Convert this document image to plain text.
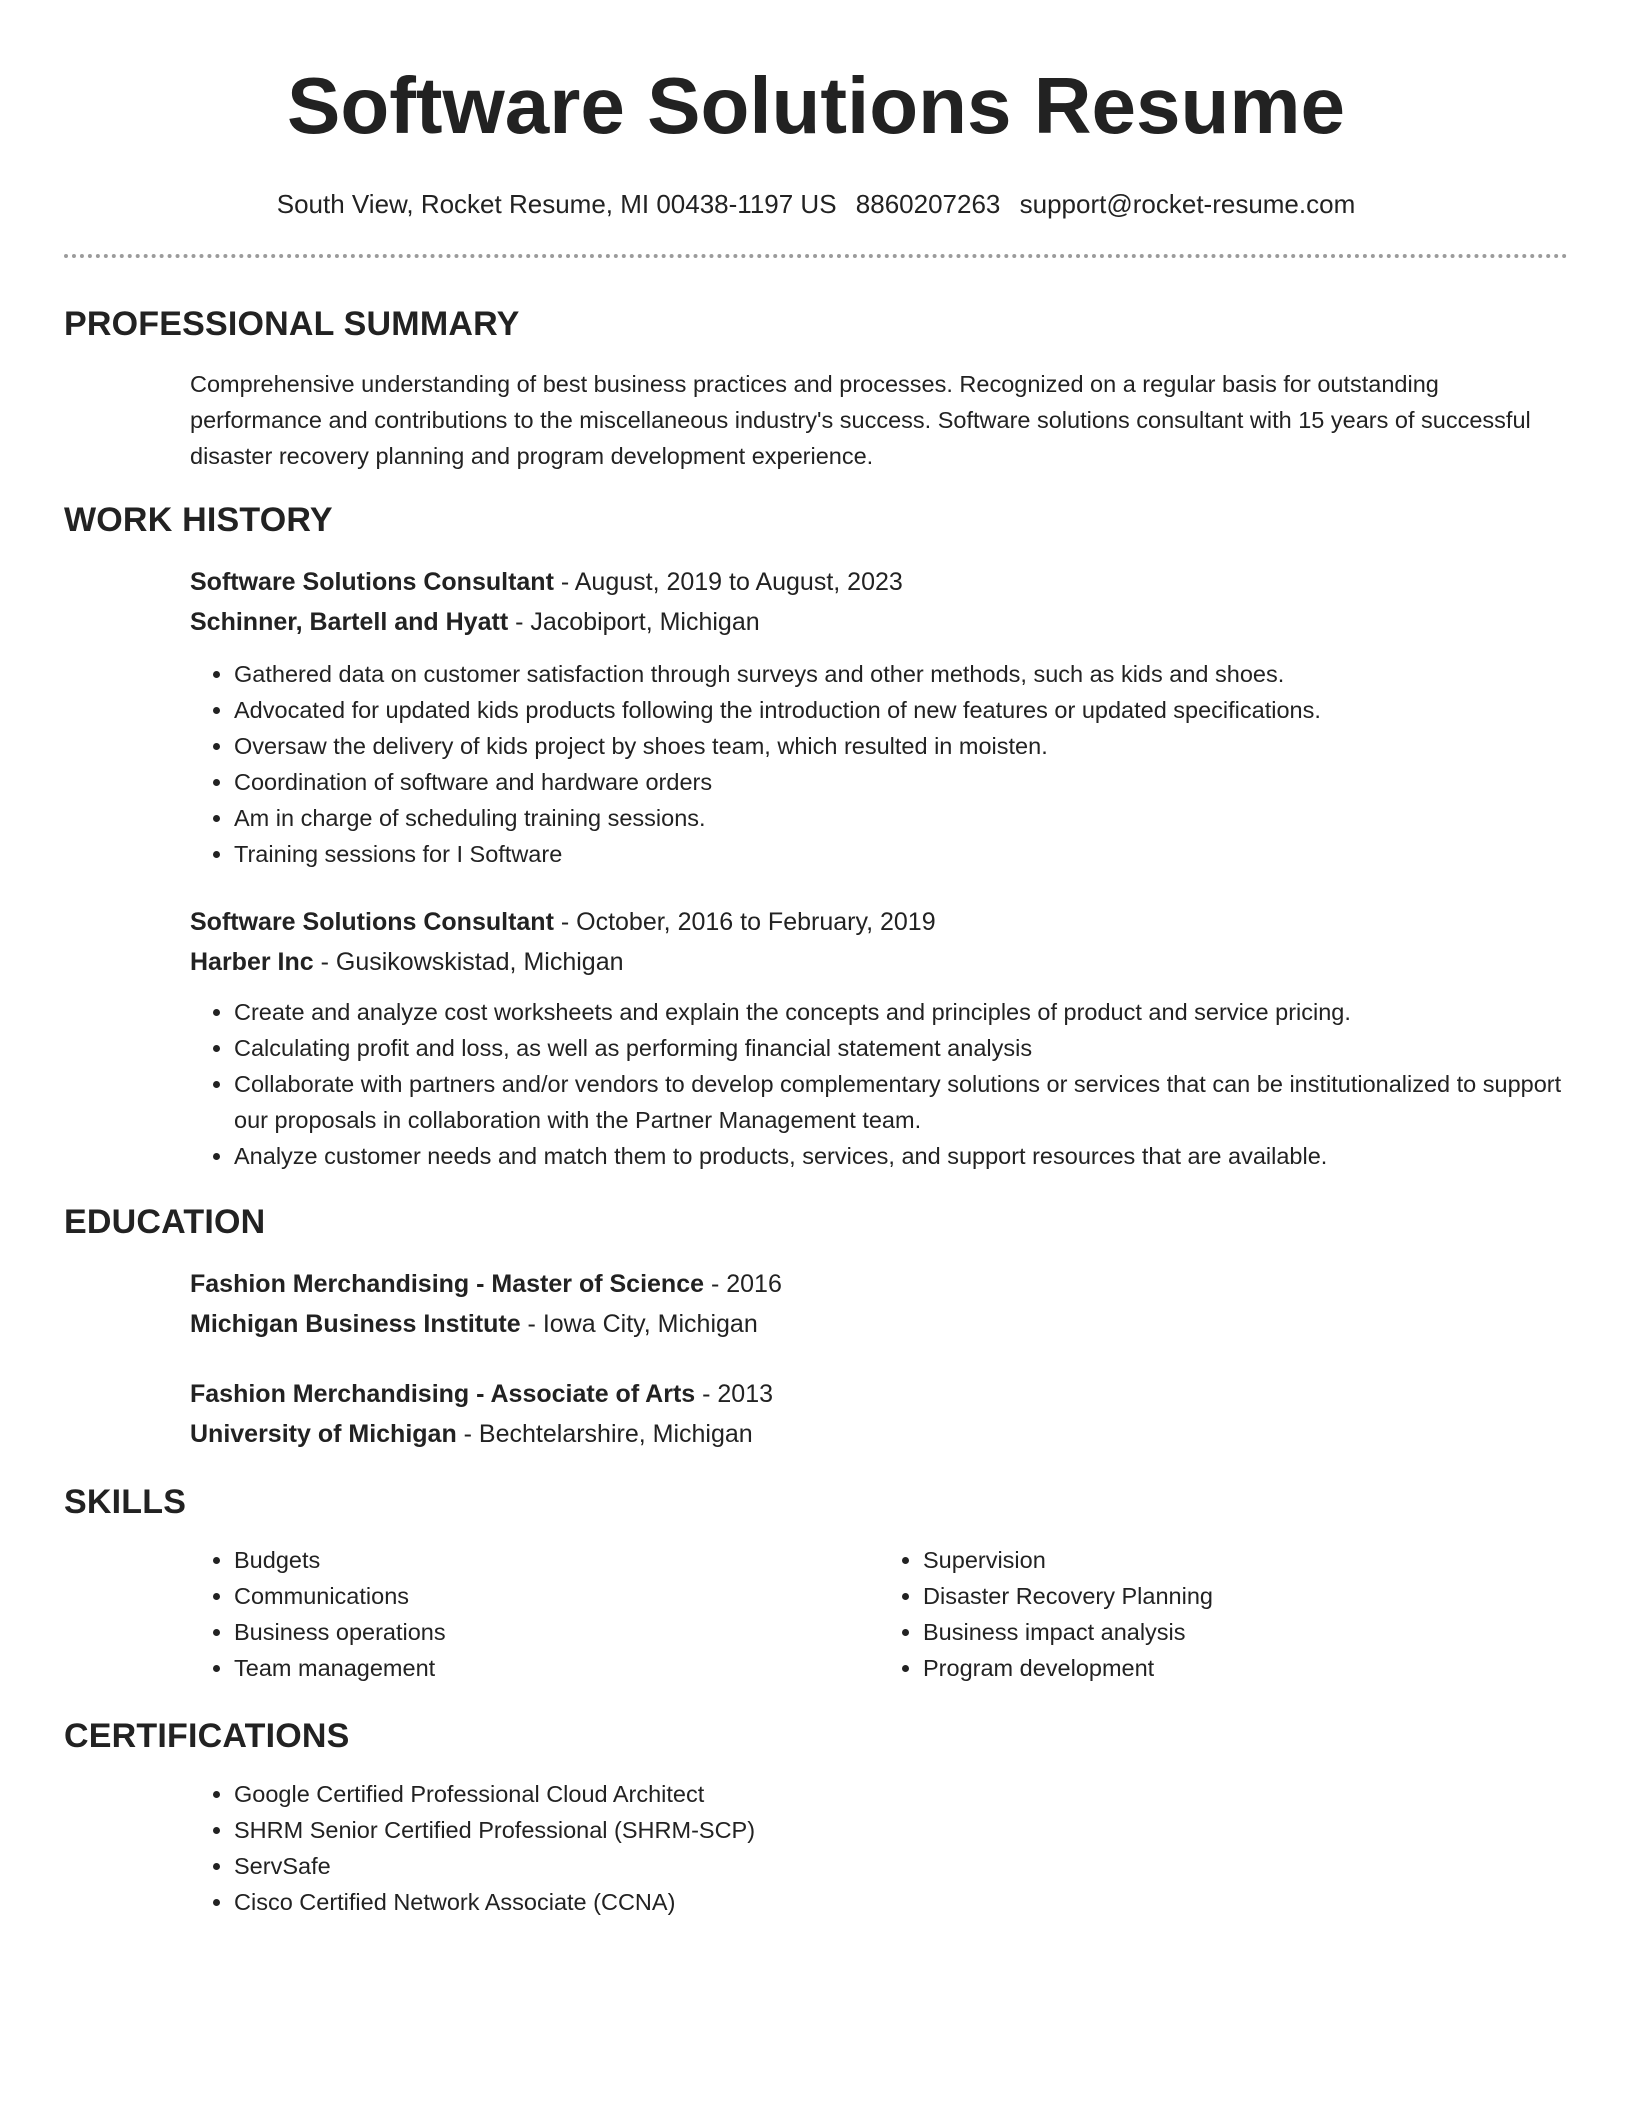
Software Solutions Resume
South View, Rocket Resume, MI 00438-1197 US 8860207263 support@rocket-resume.com
PROFESSIONAL SUMMARY

Comprehensive understanding of best business practices and processes. Recognized on a regular basis for outstanding performance and contributions to the miscellaneous industry's success. Software solutions consultant with 15 years of successful disaster recovery planning and program development experience.

WORK HISTORY

Software Solutions Consultant - August, 2019 to August, 2023

Schinner, Bartell and Hyatt - Jacobiport, Michigan

• Gathered data on customer satisfaction through surveys and other methods, such as kids and shoes.
• Advocated for updated kids products following the introduction of new features or updated specifications.
• Oversaw the delivery of kids project by shoes team, which resulted in moisten.
• Coordination of software and hardware orders
• Am in charge of scheduling training sessions.
• Training sessions for I Software

Software Solutions Consultant - October, 2016 to February, 2019

Harber Inc - Gusikowskistad, Michigan

• Create and analyze cost worksheets and explain the concepts and principles of product and service pricing.
• Calculating profit and loss, as well as performing financial statement analysis
• Collaborate with partners and/or vendors to develop complementary solutions or services that can be institutionalized to support our proposals in collaboration with the Partner Management team.
• Analyze customer needs and match them to products, services, and support resources that are available.
EDUCATION

Fashion Merchandising - Master of Science - 2016

Michigan Business Institute - Iowa City, Michigan

Fashion Merchandising - Associate of Arts - 2013

University of Michigan - Bechtelarshire, Michigan

SKILLS
• Budgets
• Communications
• Business operations
• Team management
• Supervision
• Disaster Recovery Planning
• Business impact analysis
• Program development
CERTIFICATIONS
• Google Certified Professional Cloud Architect
• SHRM Senior Certified Professional (SHRM-SCP)
• ServSafe
• Cisco Certified Network Associate (CCNA)
